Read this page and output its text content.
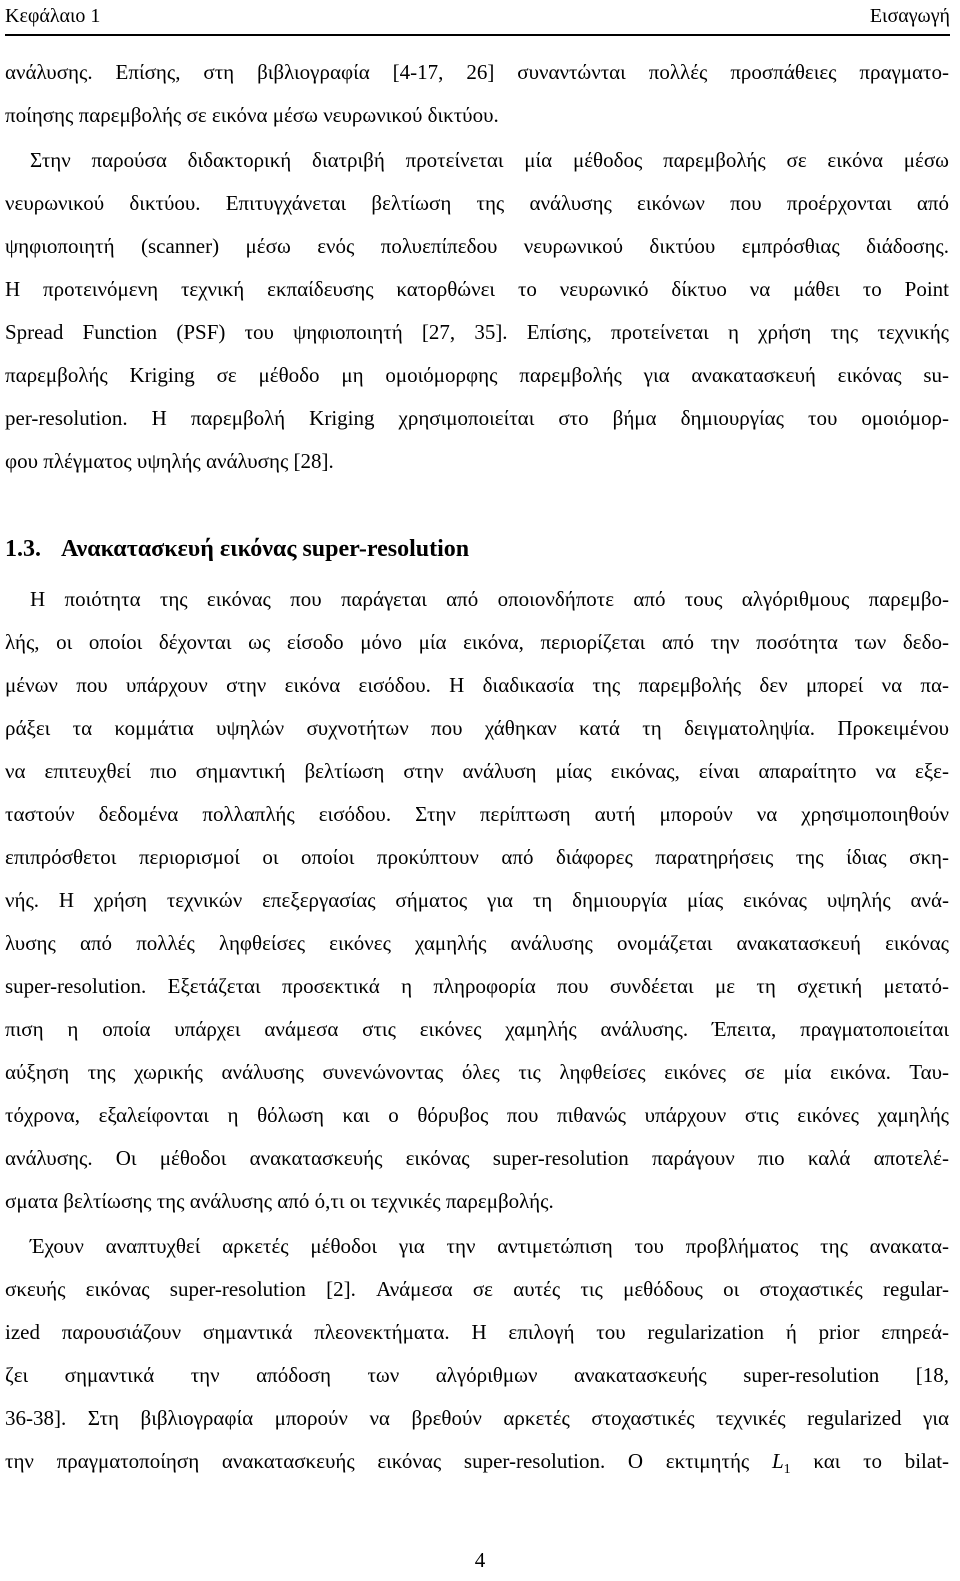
Κεφάλαιο 1	Εισαγωγή
ανάλυσης. Επίσης, στη βιβλιογραφία [4-17, 26] συναντώνται πολλές προσπάθειες πραγματο-
ποίησης παρεμβολής σε εικόνα μέσω νευρωνικού δικτύου.
Στην παρούσα διδακτορική διατριβή προτείνεται μία μέθοδος παρεμβολής σε εικόνα μέσω
νευρωνικού δικτύου. Επιτυγχάνεται βελτίωση της ανάλυσης εικόνων που προέρχονται από
ψηφιοποιητή (scanner) μέσω ενός πολυεπίπεδου νευρωνικού δικτύου εμπρόσθιας διάδοσης.
Η προτεινόμενη τεχνική εκπαίδευσης κατορθώνει το νευρωνικό δίκτυο να μάθει το Point
Spread Function (PSF) του ψηφιοποιητή [27, 35]. Επίσης, προτείνεται η χρήση της τεχνικής
παρεμβολής Kriging σε μέθοδο μη ομοιόμορφης παρεμβολής για ανακατασκευή εικόνας su-
per-resolution. Η παρεμβολή Kriging χρησιμοποιείται στο βήμα δημιουργίας του ομοιόμορ-
φου πλέγματος υψηλής ανάλυσης [28].
1.3. Ανακατασκευή εικόνας super-resolution
Η ποιότητα της εικόνας που παράγεται από οποιονδήποτε από τους αλγόριθμους παρεμβο-
λής, οι οποίοι δέχονται ως είσοδο μόνο μία εικόνα, περιορίζεται από την ποσότητα των δεδο-
μένων που υπάρχουν στην εικόνα εισόδου. Η διαδικασία της παρεμβολής δεν μπορεί να πα-
ράξει τα κομμάτια υψηλών συχνοτήτων που χάθηκαν κατά τη δειγματοληψία. Προκειμένου
να επιτευχθεί πιο σημαντική βελτίωση στην ανάλυση μίας εικόνας, είναι απαραίτητο να εξε-
ταστούν δεδομένα πολλαπλής εισόδου. Στην περίπτωση αυτή μπορούν να χρησιμοποιηθούν
επιπρόσθετοι περιορισμοί οι οποίοι προκύπτουν από διάφορες παρατηρήσεις της ίδιας σκη-
νής. Η χρήση τεχνικών επεξεργασίας σήματος για τη δημιουργία μίας εικόνας υψηλής ανά-
λυσης από πολλές ληφθείσες εικόνες χαμηλής ανάλυσης ονομάζεται ανακατασκευή εικόνας
super-resolution. Εξετάζεται προσεκτικά η πληροφορία που συνδέεται με τη σχετική μετατό-
πιση η οποία υπάρχει ανάμεσα στις εικόνες χαμηλής ανάλυσης. Έπειτα, πραγματοποιείται
αύξηση της χωρικής ανάλυσης συνενώνοντας όλες τις ληφθείσες εικόνες σε μία εικόνα. Ταυ-
τόχρονα, εξαλείφονται η θόλωση και ο θόρυβος που πιθανώς υπάρχουν στις εικόνες χαμηλής
ανάλυσης. Οι μέθοδοι ανακατασκευής εικόνας super-resolution παράγουν πιο καλά αποτελέ-
σματα βελτίωσης της ανάλυσης από ό,τι οι τεχνικές παρεμβολής.
Έχουν αναπτυχθεί αρκετές μέθοδοι για την αντιμετώπιση του προβλήματος της ανακατα-
σκευής εικόνας super-resolution [2]. Ανάμεσα σε αυτές τις μεθόδους οι στοχαστικές regular-
ized παρουσιάζουν σημαντικά πλεονεκτήματα. Η επιλογή του regularization ή prior επηρεά-
ζει σημαντικά την απόδοση των αλγόριθμων ανακατασκευής super-resolution [18,
36-38]. Στη βιβλιογραφία μπορούν να βρεθούν αρκετές στοχαστικές τεχνικές regularized για
την πραγματοποίηση ανακατασκευής εικόνας super-resolution. Ο εκτιμητής $L_1$ και το bilat-
4
